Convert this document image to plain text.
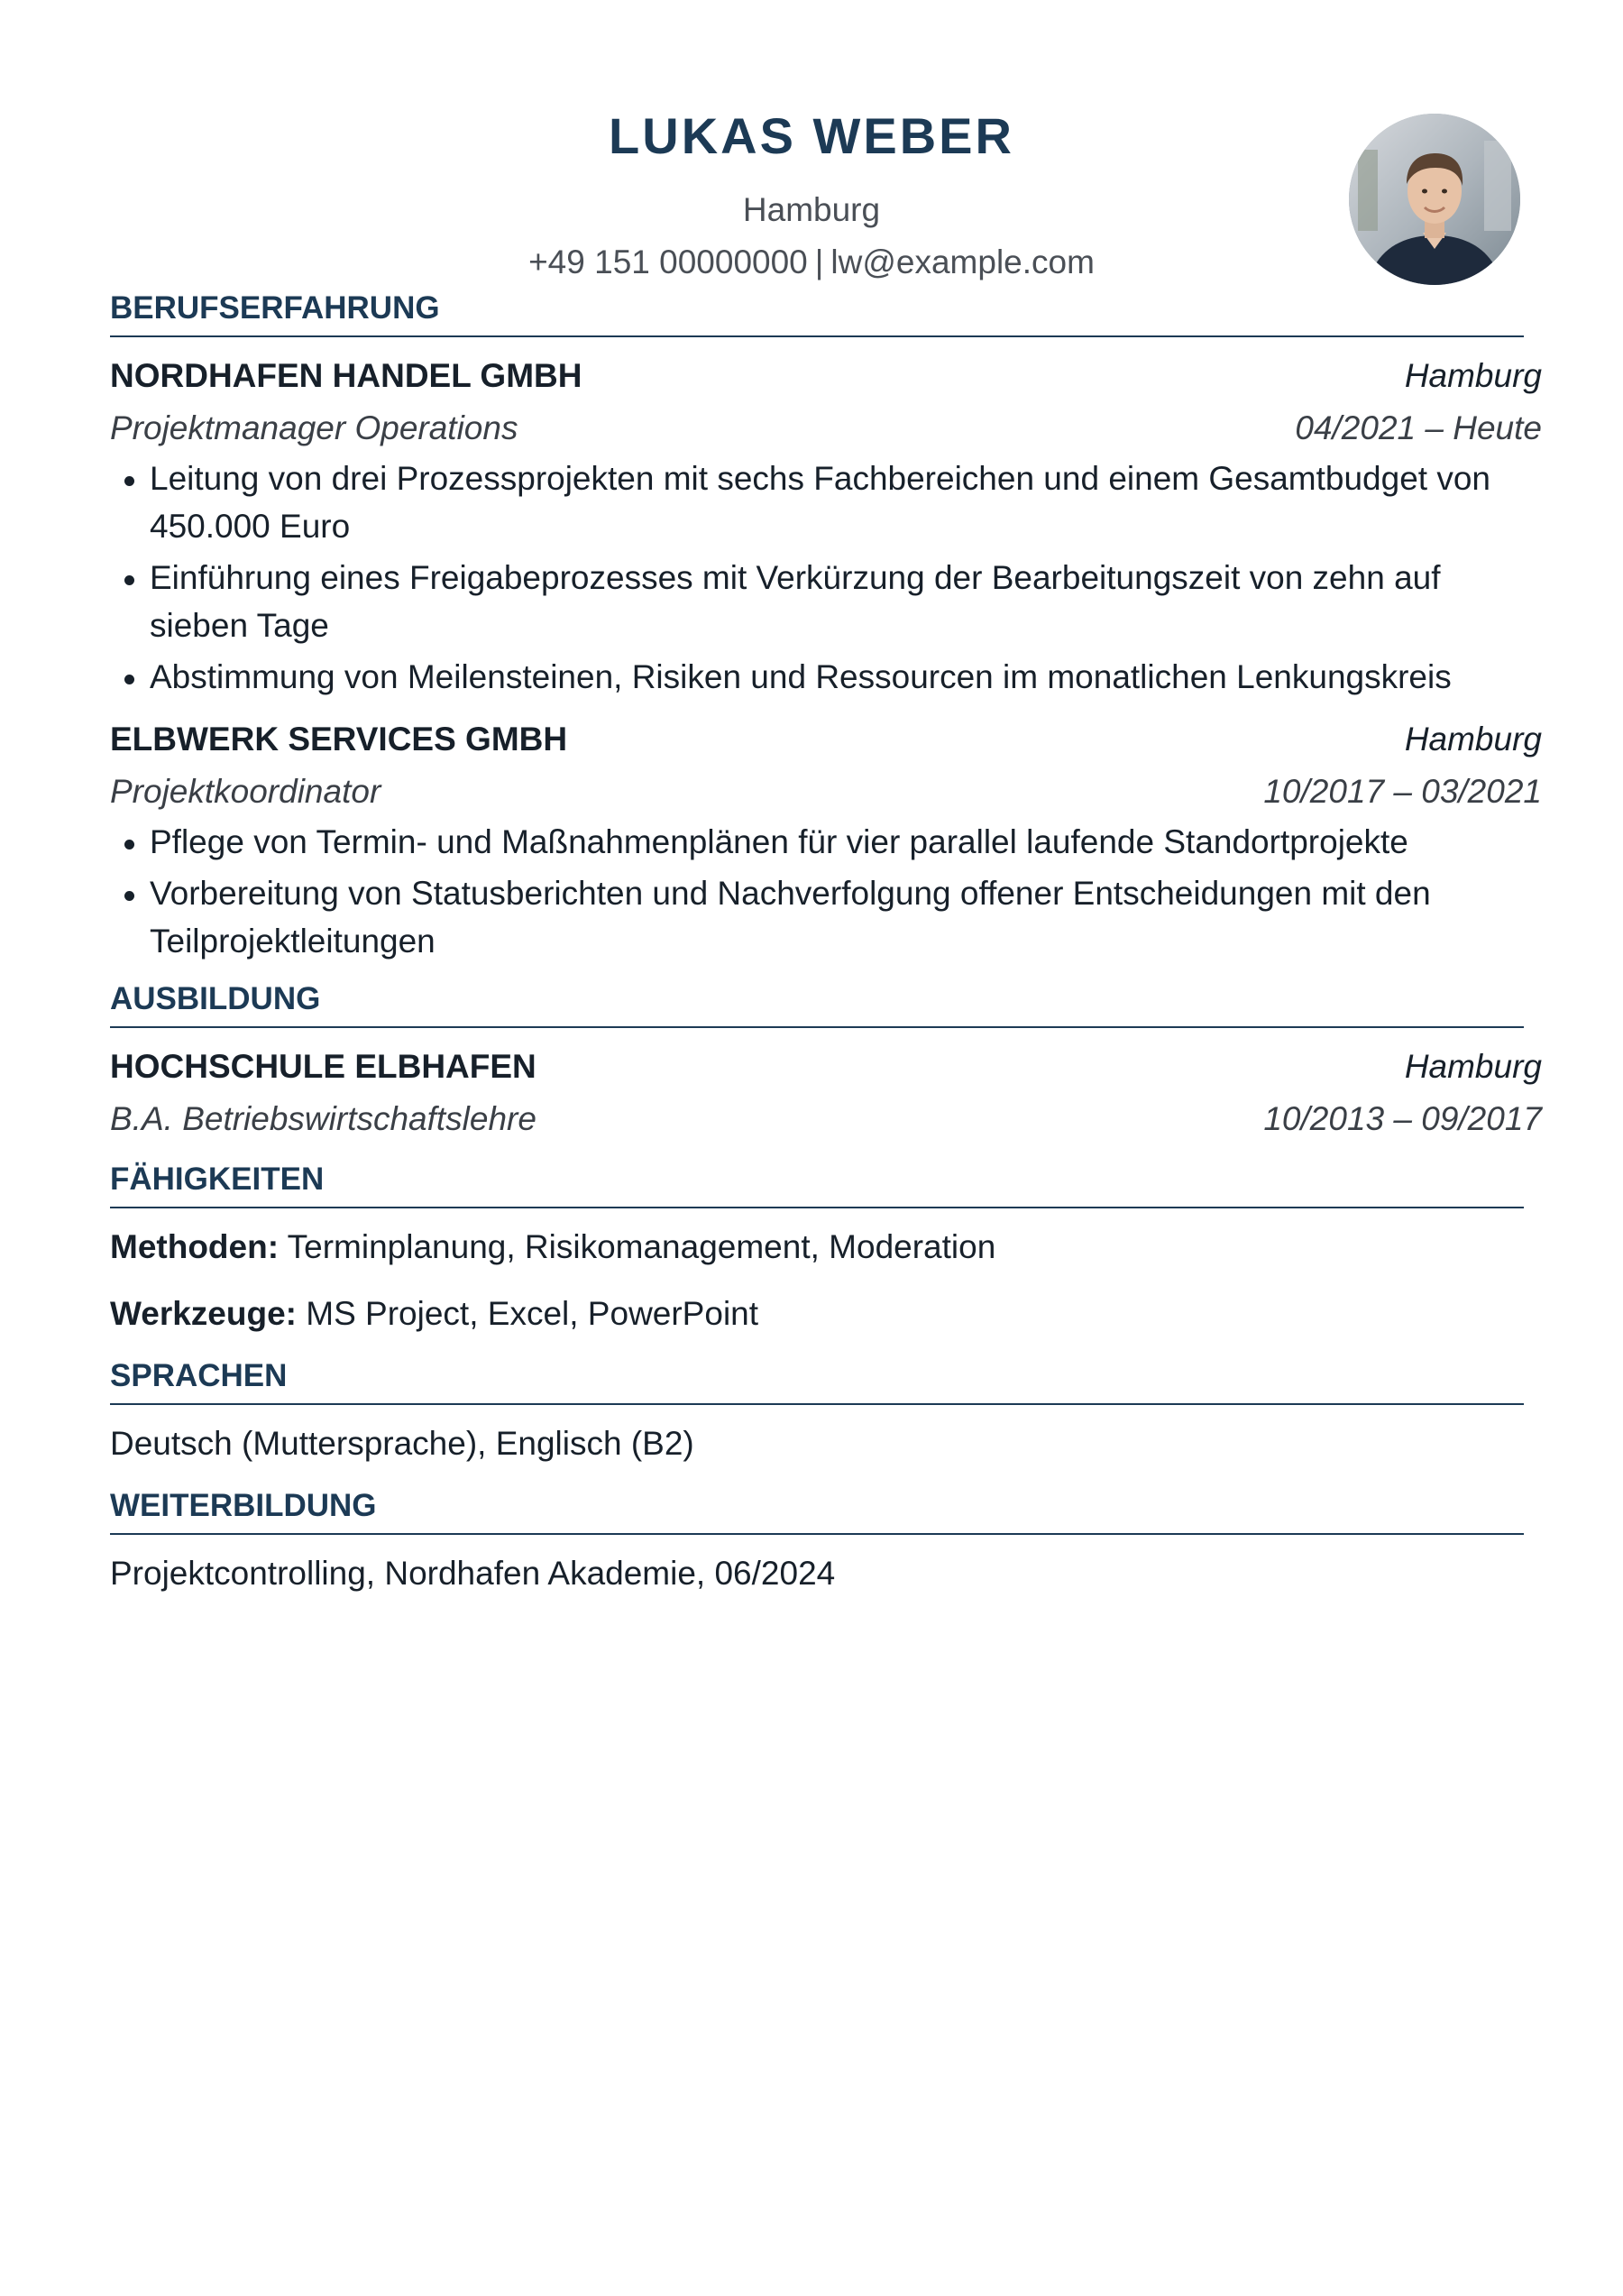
LUKAS WEBER
Hamburg
+49 151 00000000 | lw@example.com
BERUFSERFAHRUNG
NORDHAFEN HANDEL GMBH	Hamburg
Projektmanager Operations	04/2021 – Heute
Leitung von drei Prozessprojekten mit sechs Fachbereichen und einem Gesamtbudget von 450.000 Euro
Einführung eines Freigabeprozesses mit Verkürzung der Bearbeitungszeit von zehn auf sieben Tage
Abstimmung von Meilensteinen, Risiken und Ressourcen im monatlichen Lenkungskreis
ELBWERK SERVICES GMBH	Hamburg
Projektkoordinator	10/2017 – 03/2021
Pflege von Termin- und Maßnahmenplänen für vier parallel laufende Standortprojekte
Vorbereitung von Statusberichten und Nachverfolgung offener Entscheidungen mit den Teilprojektleitungen
AUSBILDUNG
HOCHSCHULE ELBHAFEN	Hamburg
B.A. Betriebswirtschaftslehre	10/2013 – 09/2017
FÄHIGKEITEN
Methoden: Terminplanung, Risikomanagement, Moderation
Werkzeuge: MS Project, Excel, PowerPoint
SPRACHEN
Deutsch (Muttersprache), Englisch (B2)
WEITERBILDUNG
Projektcontrolling, Nordhafen Akademie, 06/2024
